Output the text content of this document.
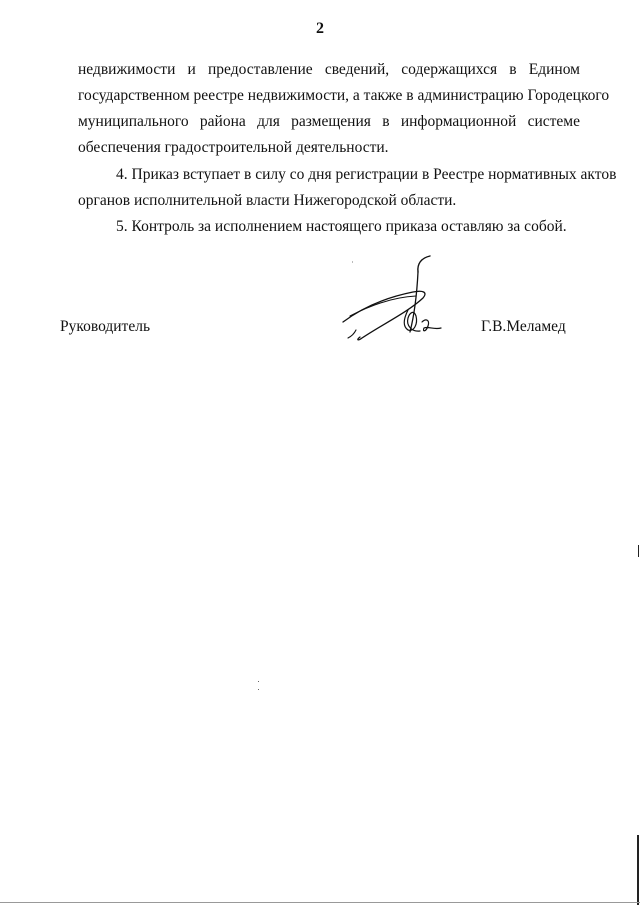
2
недвижимости и предоставление сведений, содержащихся в Едином
государственном реестре недвижимости, а также в администрацию Городецкого
муниципального района для размещения в информационной системе
обеспечения градостроительной деятельности.
4. Приказ вступает в силу со дня регистрации в Реестре нормативных актов
органов исполнительной власти Нижегородской области.
5. Контроль за исполнением настоящего приказа оставляю за собой.
Руководитель	Г.В.Меламед
